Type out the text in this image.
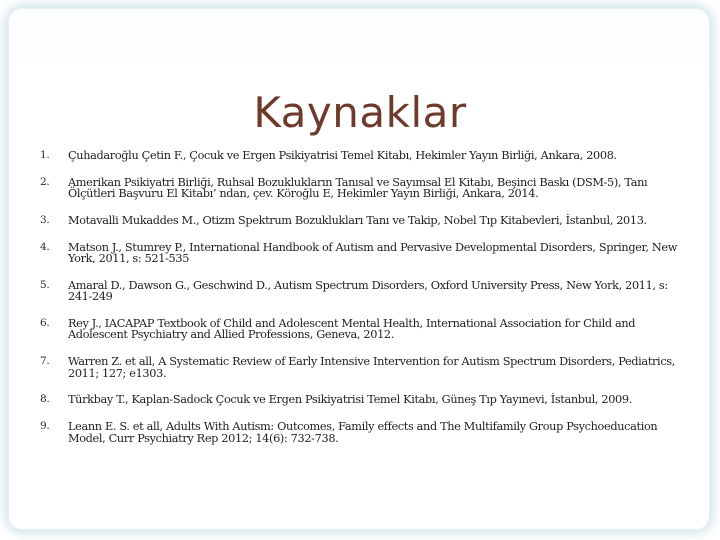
Kaynaklar
1. Çuhadaroğlu Çetin F., Çocuk ve Ergen Psikiyatrisi Temel Kitabı, Hekimler Yayın Birliği, Ankara, 2008.
2. Amerikan Psikiyatri Birliği, Ruhsal Bozuklukların Tanısal ve Sayımsal El Kitabı, Beşinci Baskı (DSM-5), Tanı Ölçütleri Başvuru El Kitabı’ ndan, çev. Köroğlu E, Hekimler Yayın Birliği, Ankara, 2014.
3. Motavalli Mukaddes M., Otizm Spektrum Bozuklukları Tanı ve Takip, Nobel Tıp Kitabevleri, İstanbul, 2013.
4. Matson J., Stumrey P., International Handbook of Autism and Pervasive Developmental Disorders, Springer, New York, 2011, s: 521-535
5. Amaral D., Dawson G., Geschwind D., Autism Spectrum Disorders, Oxford University Press, New York, 2011, s: 241-249
6. Rey J., IACAPAP Textbook of Child and Adolescent Mental Health, International Association for Child and Adolescent Psychiatry and Allied Professions, Geneva, 2012.
7. Warren Z. et all, A Systematic Review of Early Intensive Intervention for Autism Spectrum Disorders, Pediatrics, 2011; 127; e1303.
8. Türkbay T., Kaplan-Sadock Çocuk ve Ergen Psikiyatrisi Temel Kitabı, Güneş Tıp Yayınevi, İstanbul, 2009.
9. Leann E. S. et all, Adults With Autism: Outcomes, Family effects and The Multifamily Group Psychoeducation Model, Curr Psychiatry Rep 2012; 14(6): 732-738.
